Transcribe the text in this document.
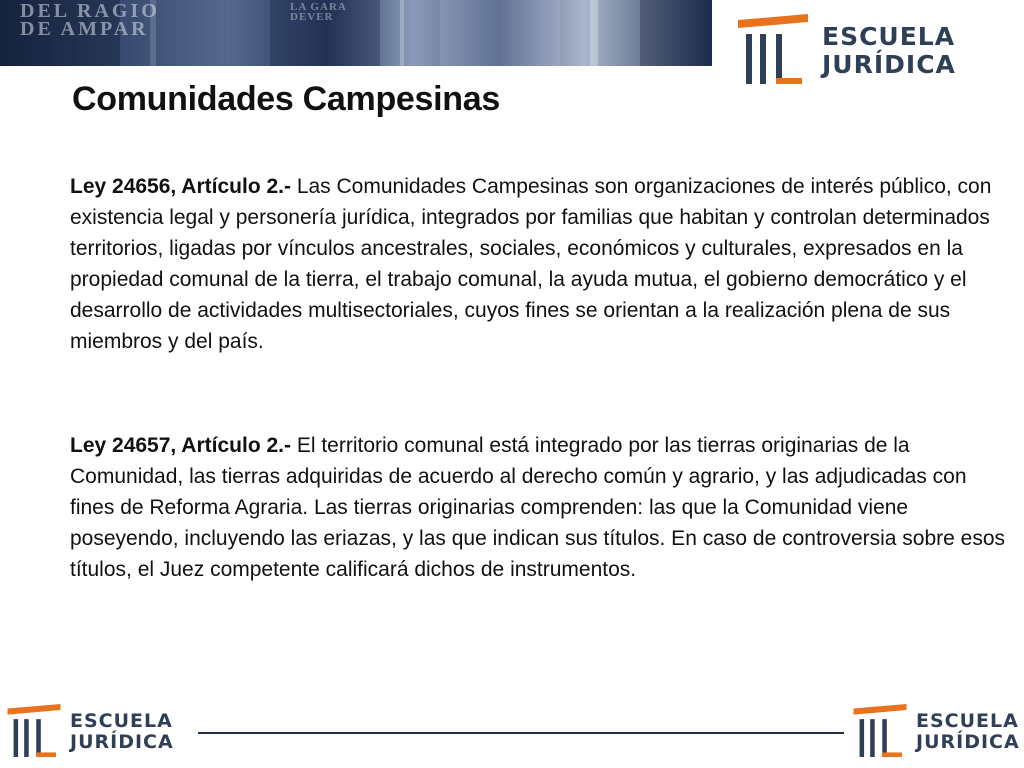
DEL RAGIO
DE AMPAR
LA GARA
DEVER
ESCUELA
JURÍDICA
Comunidades Campesinas

Ley 24656, Artículo 2.- Las Comunidades Campesinas son organizaciones de interés público, con existencia legal y personería jurídica, integrados por familias que habitan y controlan determinados territorios, ligadas por vínculos ancestrales, sociales, económicos y culturales, expresados en la propiedad comunal de la tierra, el trabajo comunal, la ayuda mutua, el gobierno democrático y el desarrollo de actividades multisectoriales, cuyos fines se orientan a la realización plena de sus miembros y del país.

Ley 24657, Artículo 2.- El territorio comunal está integrado por las tierras originarias de la Comunidad, las tierras adquiridas de acuerdo al derecho común y agrario, y las adjudicadas con fines de Reforma Agraria. Las tierras originarias comprenden: las que la Comunidad viene poseyendo, incluyendo las eriazas, y las que indican sus títulos. En caso de controversia sobre esos títulos, el Juez competente calificará dichos de instrumentos.

ESCUELA
JURÍDICA
ESCUELA
JURÍDICA
